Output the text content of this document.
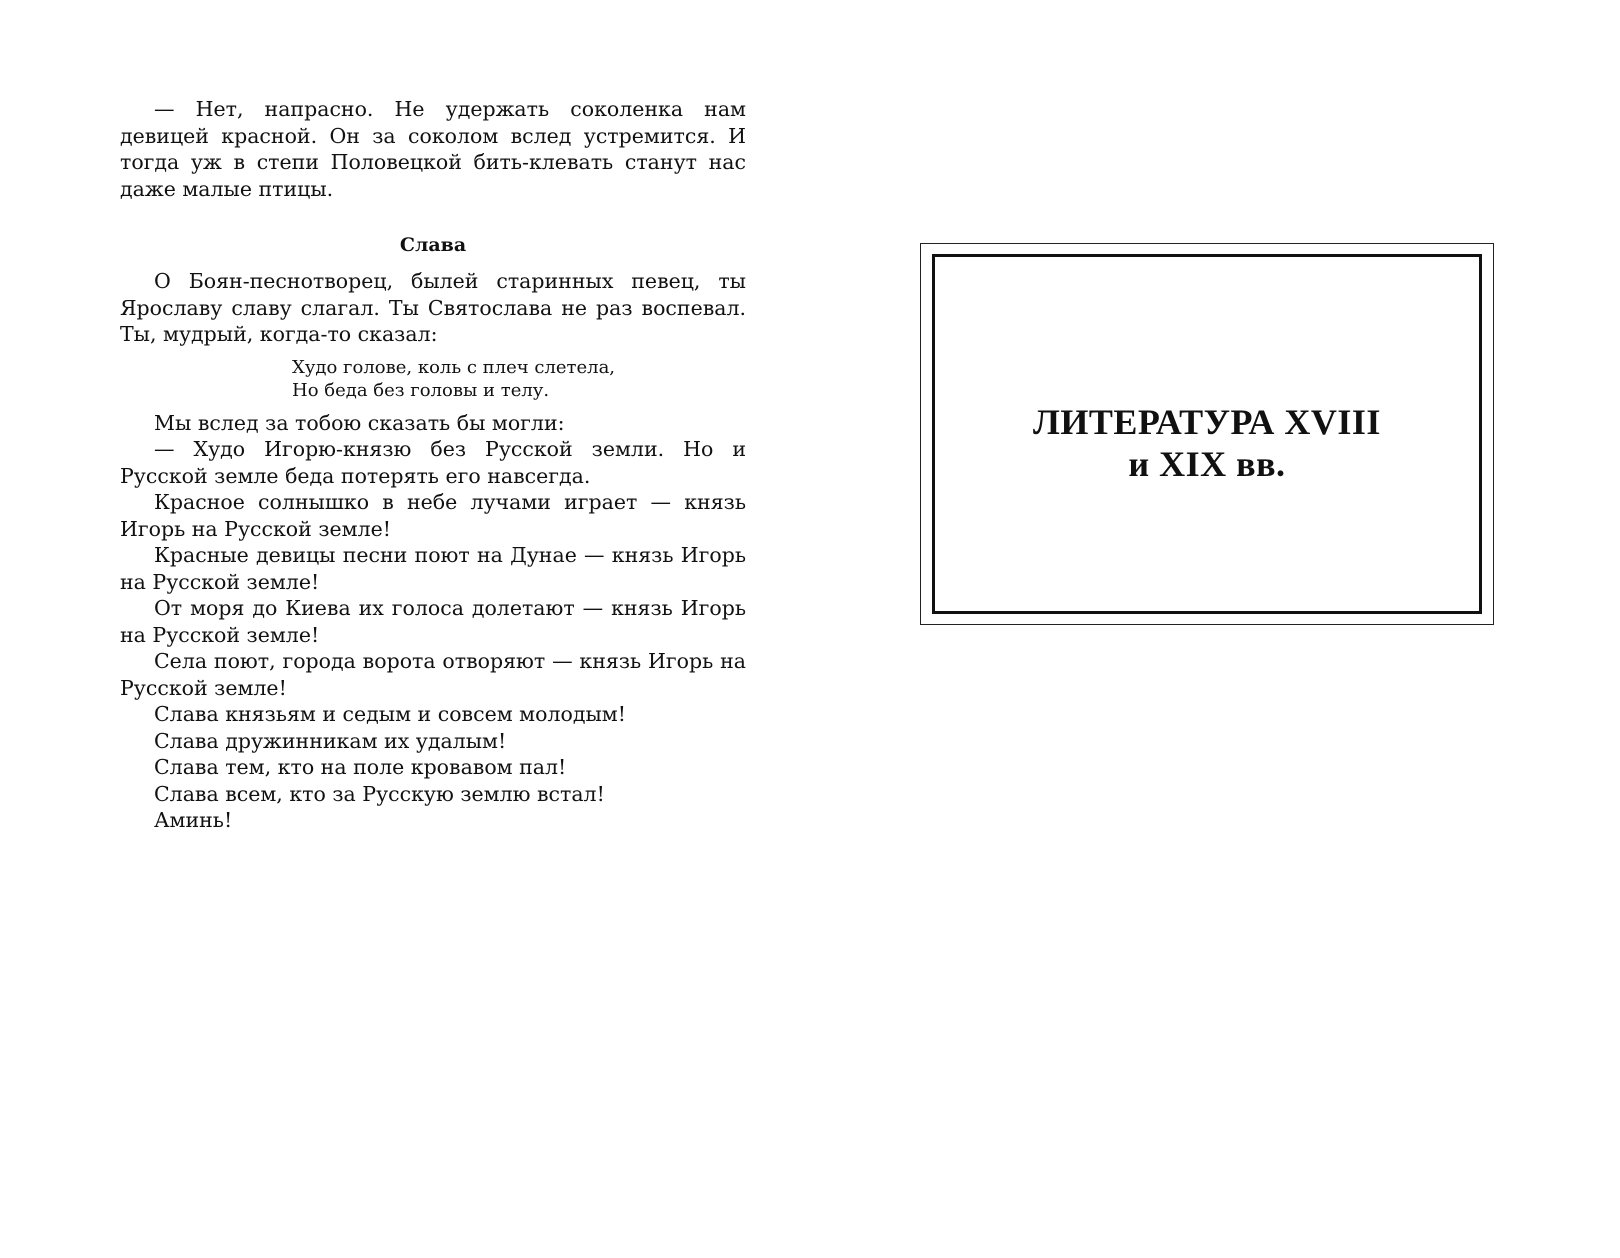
— Нет, напрасно. Не удержать соколенка нам девицей красной. Он за соколом вслед устремится. И тогда уж в степи Половецкой бить-клевать станут нас даже малые птицы.

Слава

О Боян-песнотворец, былей старинных певец, ты Ярославу славу слагал. Ты Святослава не раз воспевал. Ты, мудрый, когда-то сказал:

Худо голове, коль с плеч слетела,
Но беда без головы и телу.

Мы вслед за тобою сказать бы могли:

— Худо Игорю-князю без Русской земли. Но и Русской земле беда потерять его навсегда.

Красное солнышко в небе лучами играет — князь Игорь на Русской земле!

Красные девицы песни поют на Дунае — князь Игорь на Русской земле!

От моря до Киева их голоса долетают — князь Игорь на Русской земле!

Села поют, города ворота отворяют — князь Игорь на Русской земле!

Слава князьям и седым и совсем молодым!

Слава дружинникам их удалым!

Слава тем, кто на поле кровавом пал!

Слава всем, кто за Русскую землю встал!

Аминь!

ЛИТЕРАТУРА XVIII
и XIX вв.
